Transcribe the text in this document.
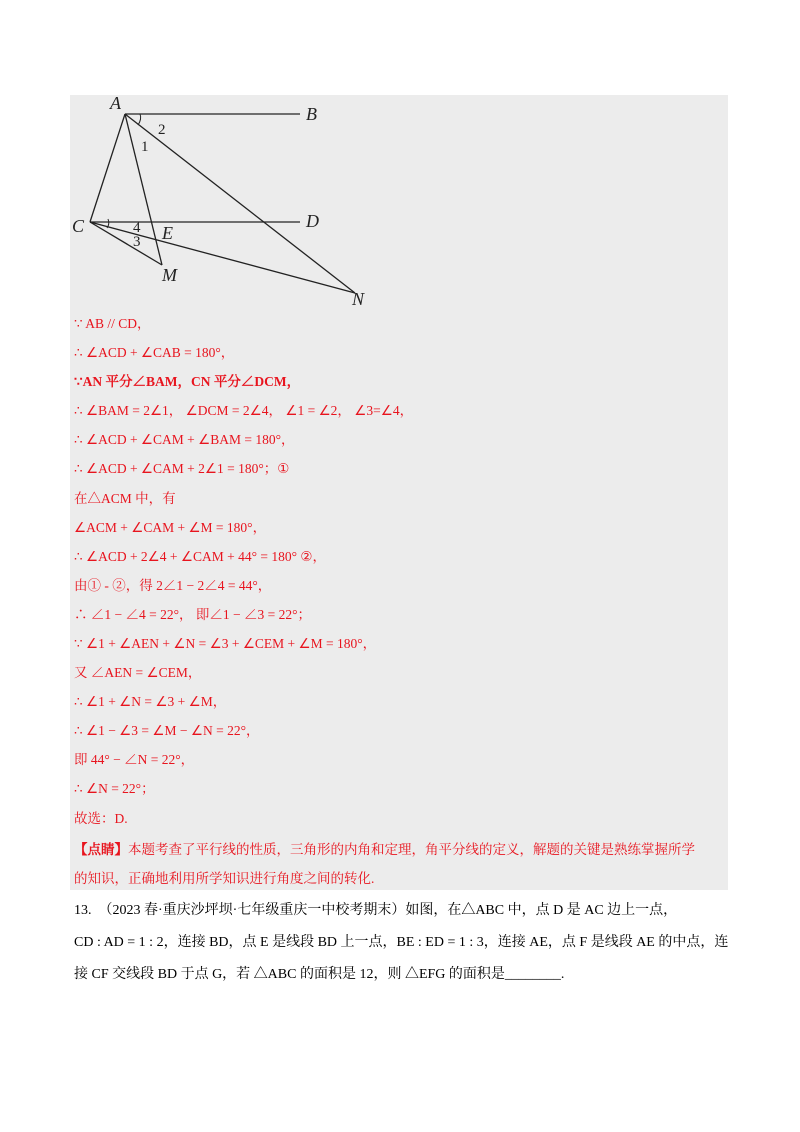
A
B
C	D
E
M
N
2
1
4
3
∵ AB // CD，
∴ ∠ACD + ∠CAB = 180°，
∵AN 平分∠BAM，CN 平分∠DCM，
∴ ∠BAM = 2∠1， ∠DCM = 2∠4， ∠1 = ∠2， ∠3=∠4，
∴ ∠ACD + ∠CAM + ∠BAM = 180°，
∴ ∠ACD + ∠CAM + 2∠1 = 180°；①
在△ACM 中，有
∠ACM + ∠CAM + ∠M = 180°，
∴ ∠ACD + 2∠4 + ∠CAM + 44° = 180° ②，
由① - ②，得 2∠1 − 2∠4 = 44°，
∴ ∠1 − ∠4 = 22°， 即∠1 − ∠3 = 22°；
∵ ∠1 + ∠AEN + ∠N = ∠3 + ∠CEM + ∠M = 180°，
又 ∠AEN = ∠CEM，
∴ ∠1 + ∠N = ∠3 + ∠M，
∴ ∠1 − ∠3 = ∠M − ∠N = 22°，
即 44° − ∠N = 22°，
∴ ∠N = 22°；
故选：D.
【点睛】本题考查了平行线的性质，三角形的内角和定理，角平分线的定义，解题的关键是熟练掌握所学
的知识，正确地利用所学知识进行角度之间的转化.
13.　（2023 春·重庆沙坪坝·七年级重庆一中校考期末）如图，在△ABC 中，点 D 是 AC 边上一点，
CD : AD = 1 : 2，连接 BD，点 E 是线段 BD 上一点，BE : ED = 1 : 3，连接 AE，点 F 是线段 AE 的中点，连
接 CF 交线段 BD 于点 G，若 △ABC 的面积是 12，则 △EFG 的面积是________.
